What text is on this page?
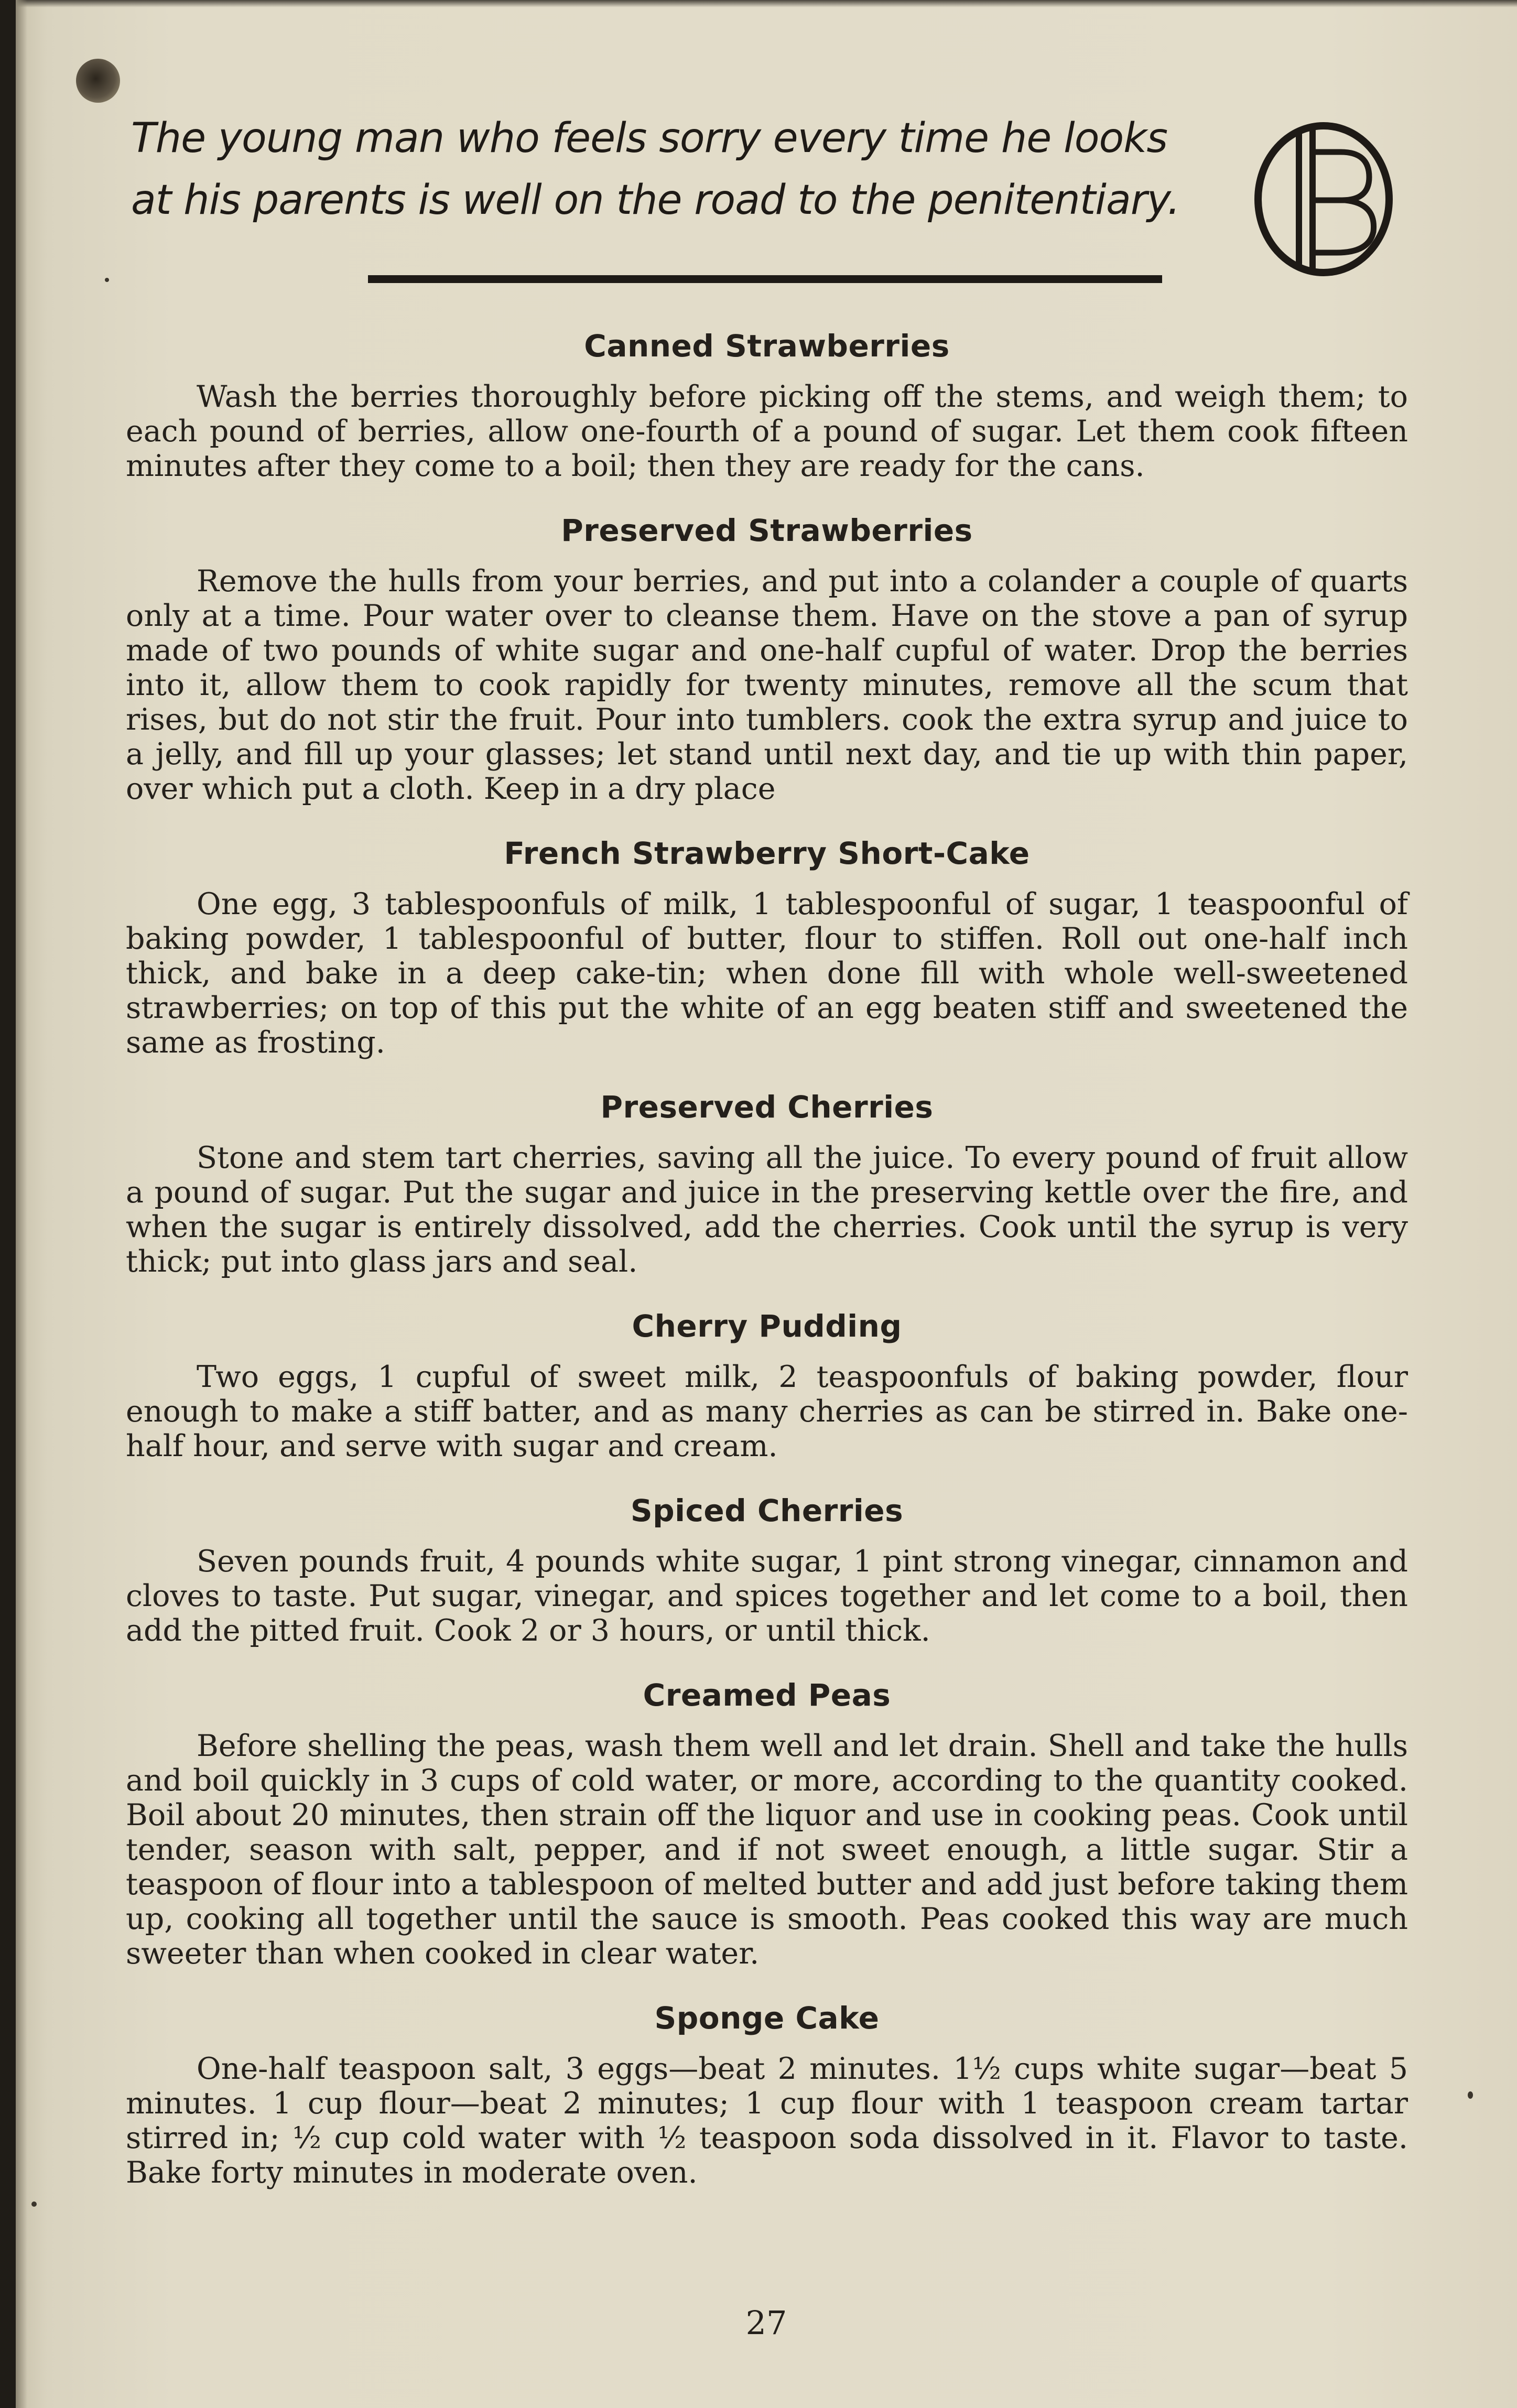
The young man who feels sorry every time he looks
at his parents is well on the road to the penitentiary.
Canned Strawberries

Wash the berries thoroughly before picking off the stems, and weigh them; to each pound of berries, allow one-fourth of a pound of sugar. Let them cook fifteen minutes after they come to a boil; then they are ready for the cans.

Preserved Strawberries

Remove the hulls from your berries, and put into a colander a couple of quarts only at a time. Pour water over to cleanse them. Have on the stove a pan of syrup made of two pounds of white sugar and one-half cupful of water. Drop the berries into it, allow them to cook rapidly for twenty minutes, remove all the scum that rises, but do not stir the fruit. Pour into tumblers. cook the extra syrup and juice to a jelly, and fill up your glasses; let stand until next day, and tie up with thin paper, over which put a cloth. Keep in a dry place

French Strawberry Short-Cake

One egg, 3 tablespoonfuls of milk, 1 tablespoonful of sugar, 1 teaspoonful of baking powder, 1 tablespoonful of butter, flour to stiffen. Roll out one-half inch thick, and bake in a deep cake-tin; when done fill with whole well-sweetened strawberries; on top of this put the white of an egg beaten stiff and sweetened the same as frosting.

Preserved Cherries

Stone and stem tart cherries, saving all the juice. To every pound of fruit allow a pound of sugar. Put the sugar and juice in the preserving kettle over the fire, and when the sugar is entirely dissolved, add the cherries. Cook until the syrup is very thick; put into glass jars and seal.

Cherry Pudding

Two eggs, 1 cupful of sweet milk, 2 teaspoonfuls of baking powder, flour enough to make a stiff batter, and as many cherries as can be stirred in. Bake one-half hour, and serve with sugar and cream.

Spiced Cherries

Seven pounds fruit, 4 pounds white sugar, 1 pint strong vinegar, cinnamon and cloves to taste. Put sugar, vinegar, and spices together and let come to a boil, then add the pitted fruit. Cook 2 or 3 hours, or until thick.

Creamed Peas

Before shelling the peas, wash them well and let drain. Shell and take the hulls and boil quickly in 3 cups of cold water, or more, according to the quantity cooked. Boil about 20 minutes, then strain off the liquor and use in cooking peas. Cook until tender, season with salt, pepper, and if not sweet enough, a little sugar. Stir a teaspoon of flour into a tablespoon of melted butter and add just before taking them up, cooking all together until the sauce is smooth. Peas cooked this way are much sweeter than when cooked in clear water.

Sponge Cake

One-half teaspoon salt, 3 eggs—beat 2 minutes. 1½ cups white sugar—beat 5 minutes. 1 cup flour—beat 2 minutes; 1 cup flour with 1 teaspoon cream tartar stirred in; ½ cup cold water with ½ teaspoon soda dissolved in it. Flavor to taste. Bake forty minutes in moderate oven.

27
